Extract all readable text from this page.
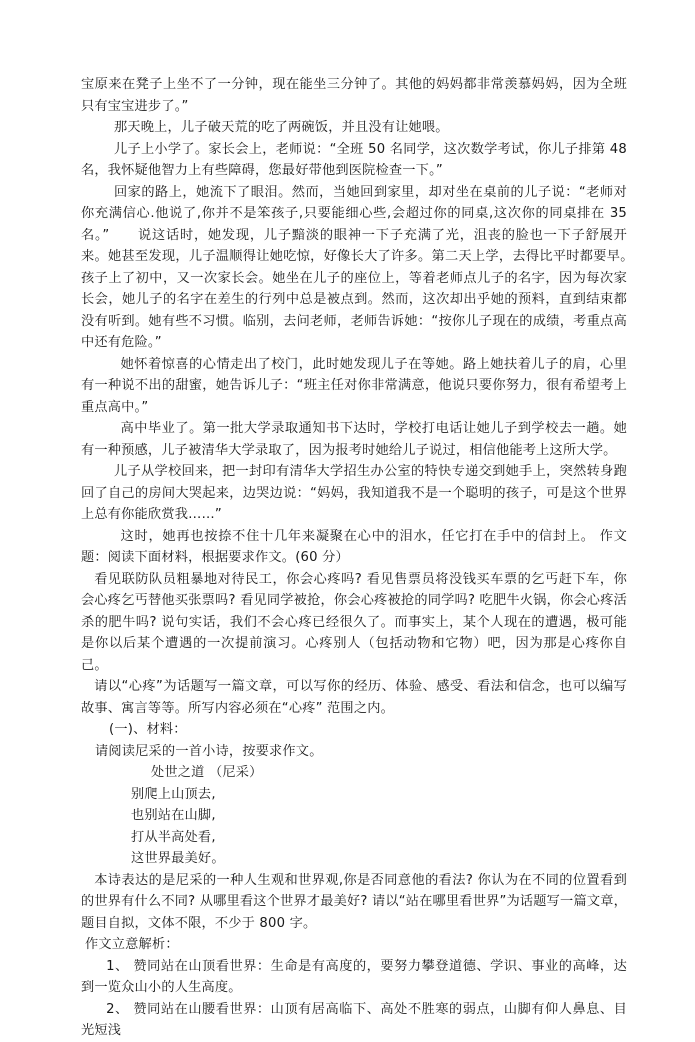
宝原来在凳子上坐不了一分钟，现在能坐三分钟了。其他的妈妈都非常羡慕妈妈，因为全班只有宝宝进步了。”

那天晚上，儿子破天荒的吃了两碗饭，并且没有让她喂。

儿子上小学了。家长会上，老师说：“全班 50 名同学，这次数学考试，你儿子排第 48 名，我怀疑他智力上有些障碍，您最好带他到医院检查一下。”

回家的路上，她流下了眼泪。然而，当她回到家里，却对坐在桌前的儿子说：“老师对你充满信心.他说了,你并不是笨孩子,只要能细心些,会超过你的同桌,这次你的同桌排在 35 名。”　　说这话时，她发现，儿子黯淡的眼神一下子充满了光，沮丧的脸也一下子舒展开来。她甚至发现，儿子温顺得让她吃惊，好像长大了许多。第二天上学，去得比平时都要早。　　孩子上了初中，又一次家长会。她坐在儿子的座位上，等着老师点儿子的名字，因为每次家长会，她儿子的名字在差生的行列中总是被点到。然而，这次却出乎她的预料，直到结束都没有听到。她有些不习惯。临别，去问老师，老师告诉她：“按你儿子现在的成绩，考重点高中还有危险。”

她怀着惊喜的心情走出了校门，此时她发现儿子在等她。路上她扶着儿子的肩，心里有一种说不出的甜蜜，她告诉儿子：“班主任对你非常满意，他说只要你努力，很有希望考上重点高中。”

高中毕业了。第一批大学录取通知书下达时，学校打电话让她儿子到学校去一趟。她有一种预感，儿子被清华大学录取了，因为报考时她给儿子说过，相信他能考上这所大学。

儿子从学校回来，把一封印有清华大学招生办公室的特快专递交到她手上，突然转身跑回了自己的房间大哭起来，边哭边说：“妈妈，我知道我不是一个聪明的孩子，可是这个世界上总有你能欣赏我……”

这时，她再也按捺不住十几年来凝聚在心中的泪水，任它打在手中的信封上。 作文题：阅读下面材料，根据要求作文。(60 分）

看见联防队员粗暴地对待民工，你会心疼吗? 看见售票员将没钱买车票的乞丐赶下车，你会心疼乞丐替他买张票吗? 看见同学被抢，你会心疼被抢的同学吗? 吃肥牛火锅，你会心疼活杀的肥牛吗? 说句实话，我们不会心疼已经很久了。而事实上，某个人现在的遭遇，极可能是你以后某个遭遇的一次提前演习。心疼别人（包括动物和它物）吧，因为那是心疼你自己。

请以“心疼”为话题写一篇文章，可以写你的经历、体验、感受、看法和信念，也可以编写故事、寓言等等。所写内容必须在“心疼” 范围之内。

(一)、材料：

请阅读尼采的一首小诗，按要求作文。

处世之道 （尼采）

别爬上山顶去,

也别站在山脚,

打从半高处看,

这世界最美好。

本诗表达的是尼采的一种人生观和世界观,你是否同意他的看法? 你认为在不同的位置看到的世界有什么不同? 从哪里看这个世界才最美好? 请以“站在哪里看世界”为话题写一篇文章，题目自拟，文体不限，不少于 800 字。

作文立意解析：

1、 赞同站在山顶看世界：生命是有高度的，要努力攀登道德、学识、事业的高峰，达到一览众山小的人生高度。

2、 赞同站在山腰看世界：山顶有居高临下、高处不胜寒的弱点，山脚有仰人鼻息、目光短浅
